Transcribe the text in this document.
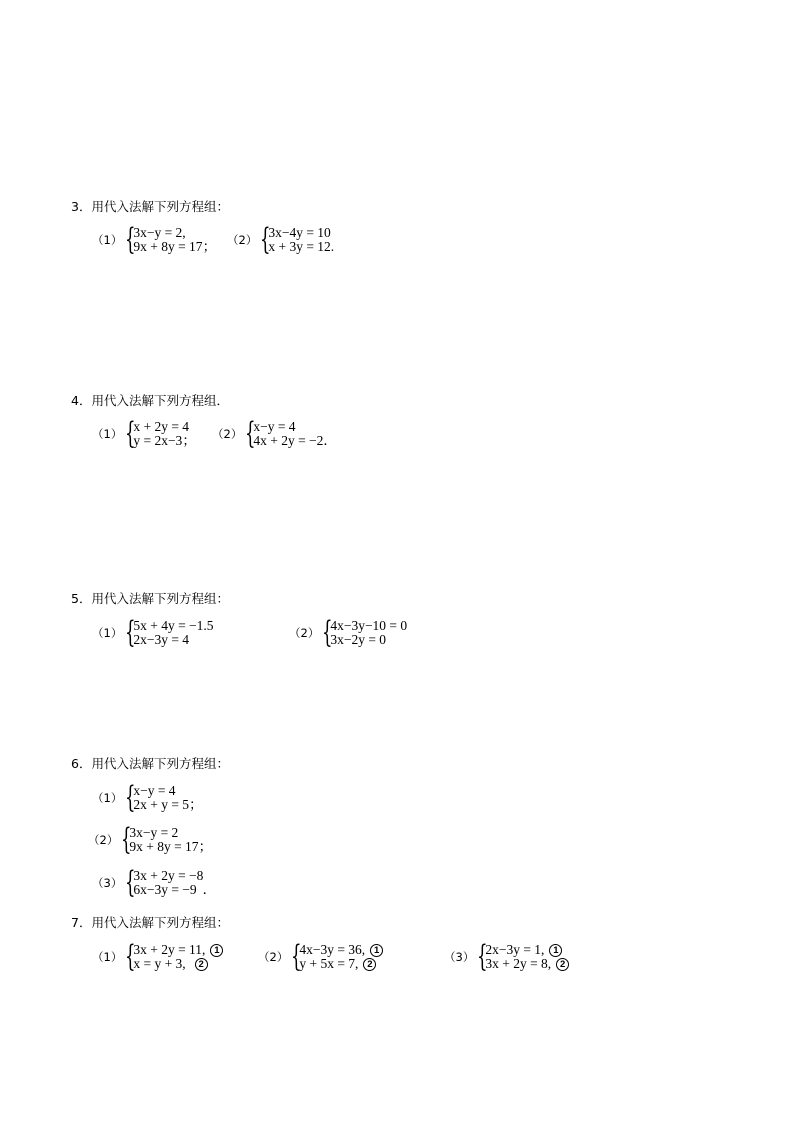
3．用代入法解下列方程组：
（1） {
3x−y = 2,
9x + 8y = 17 ； （2） {
3x−4y = 10
x + 3y = 12.
4．用代入法解下列方程组．
（1） {
x + 2y = 4
y = 2x−3 ； （2） {
x−y = 4
4x + 2y = −2 ．
5．用代入法解下列方程组：
（1） {
5x + 4y = −1.5
2x−3y = 4	（2） {
4x−3y−10 = 0
3x−2y = 0
6．用代入法解下列方程组：
（1） {
x−y = 4
2x + y = 5 ；
（2） {
3x−y = 2
9x + 8y = 17 ；
（3） {
3x + 2y = −8
6x−3y = −9 ．
7．用代入法解下列方程组：
（1） {
3x + 2y = 11, 1
x = y + 3,	2	（2） {
4x−3y = 36, 1
y + 5x = 7, 2	（3） {
2x−3y = 1, 1
3x + 2y = 8, 2
